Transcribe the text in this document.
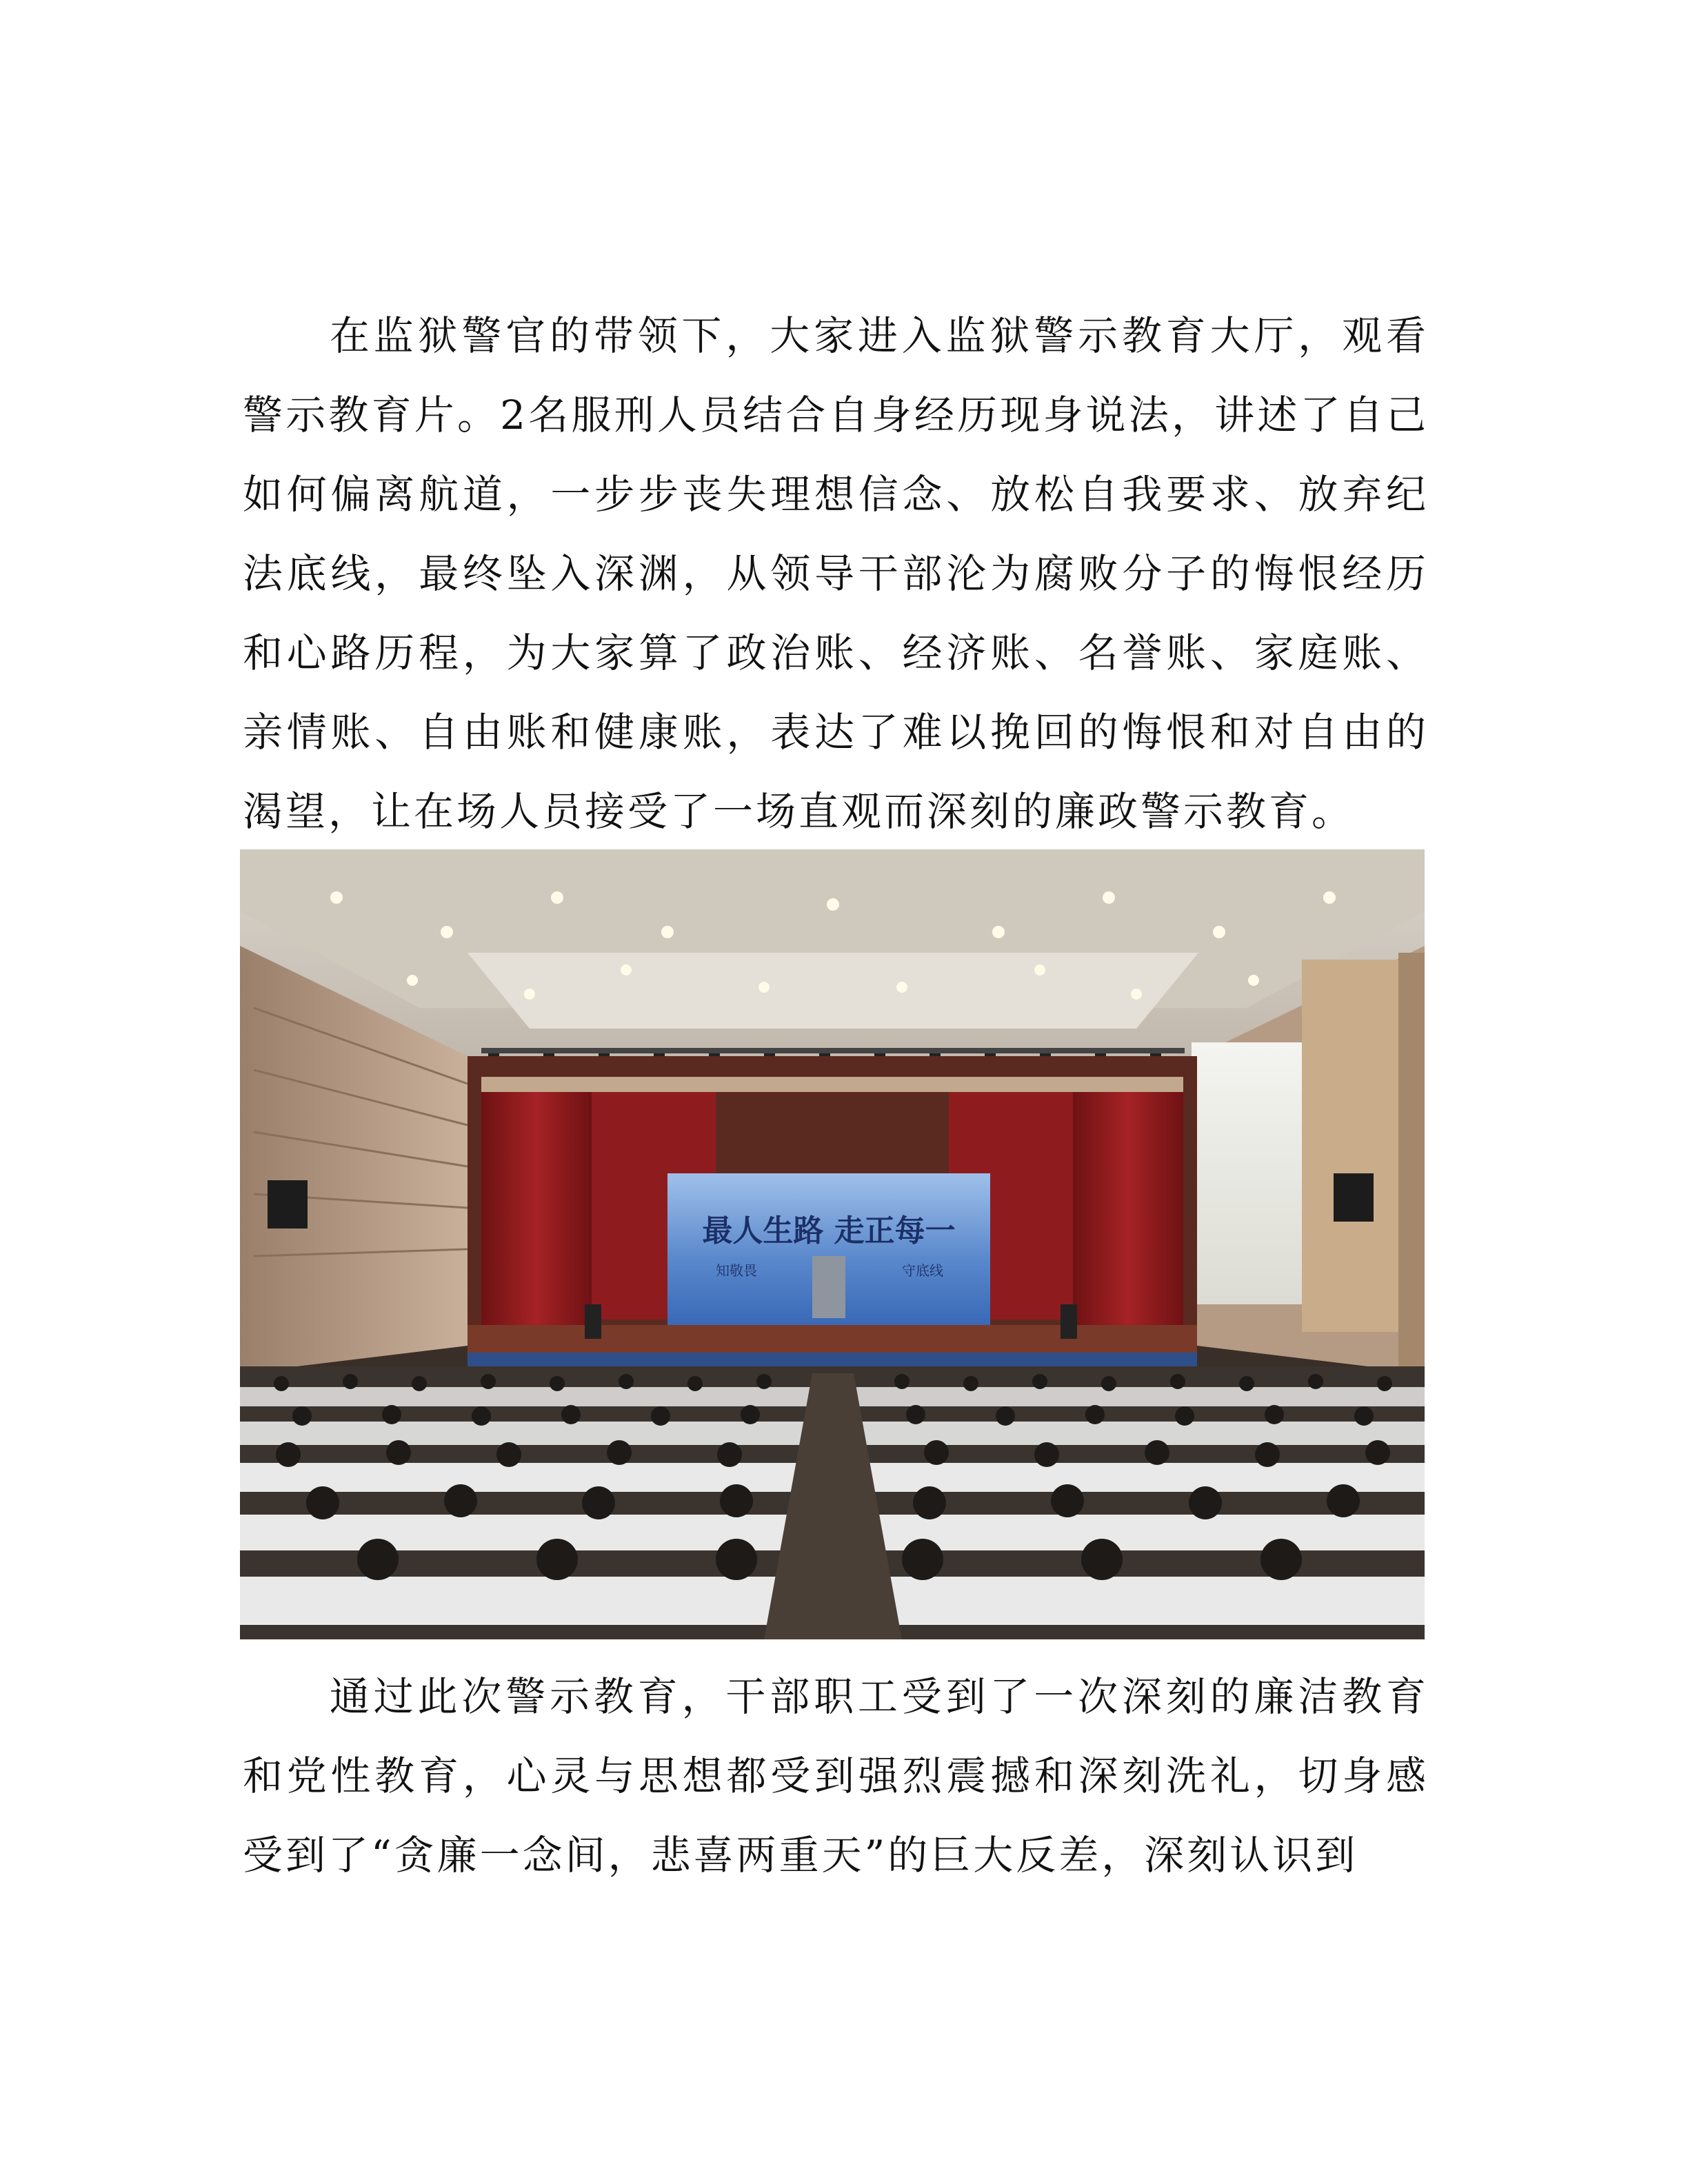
在监狱警官的带领下，大家进入监狱警示教育大厅，观看警示教育片。2名服刑人员结合自身经历现身说法，讲述了自己如何偏离航道，一步步丧失理想信念、放松自我要求、放弃纪法底线，最终坠入深渊，从领导干部沦为腐败分子的悔恨经历和心路历程，为大家算了政治账、经济账、名誉账、家庭账、亲情账、自由账和健康账，表达了难以挽回的悔恨和对自由的渴望，让在场人员接受了一场直观而深刻的廉政警示教育。

最人生路 走正每一
知敬畏	守底线

通过此次警示教育，干部职工受到了一次深刻的廉洁教育和党性教育，心灵与思想都受到强烈震撼和深刻洗礼，切身感受到了“贪廉一念间，悲喜两重天”的巨大反差，深刻认识到
